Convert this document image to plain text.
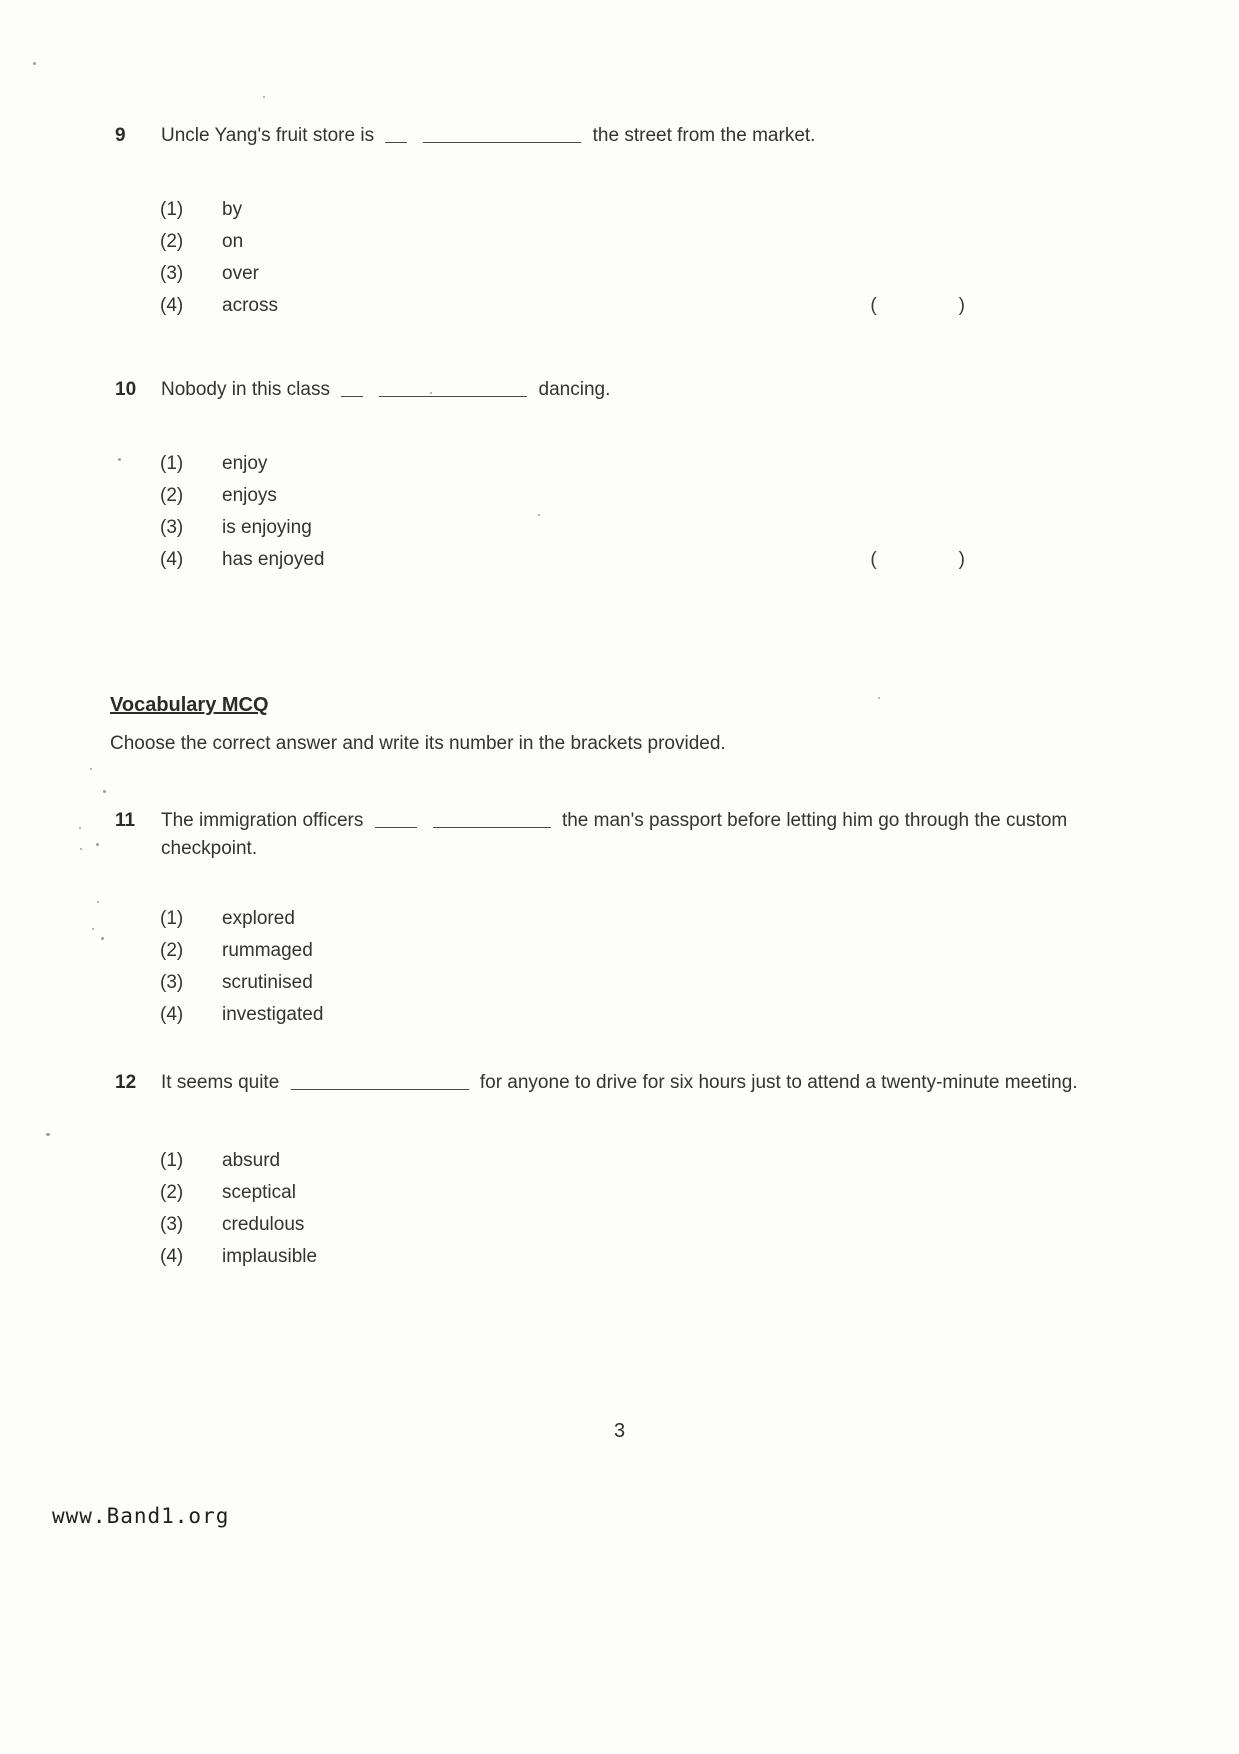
9	Uncle Yang's fruit store is	the street from the market.
(1)	by
(2)	on
(3)	over
(4)	across	(	)
10	Nobody in this class	dancing.
(1)	enjoy
(2)	enjoys
(3)	is enjoying
(4)	has enjoyed	(	)
Vocabulary MCQ
Choose the correct answer and write its number in the brackets provided.
11	The immigration officers	the man's passport before letting him go through the custom checkpoint.
(1)	explored
(2)	rummaged
(3)	scrutinised
(4)	investigated
12	It seems quite	for anyone to drive for six hours just to attend a twenty-minute meeting.
(1)	absurd
(2)	sceptical
(3)	credulous
(4)	implausible
3
www.Band1.org
